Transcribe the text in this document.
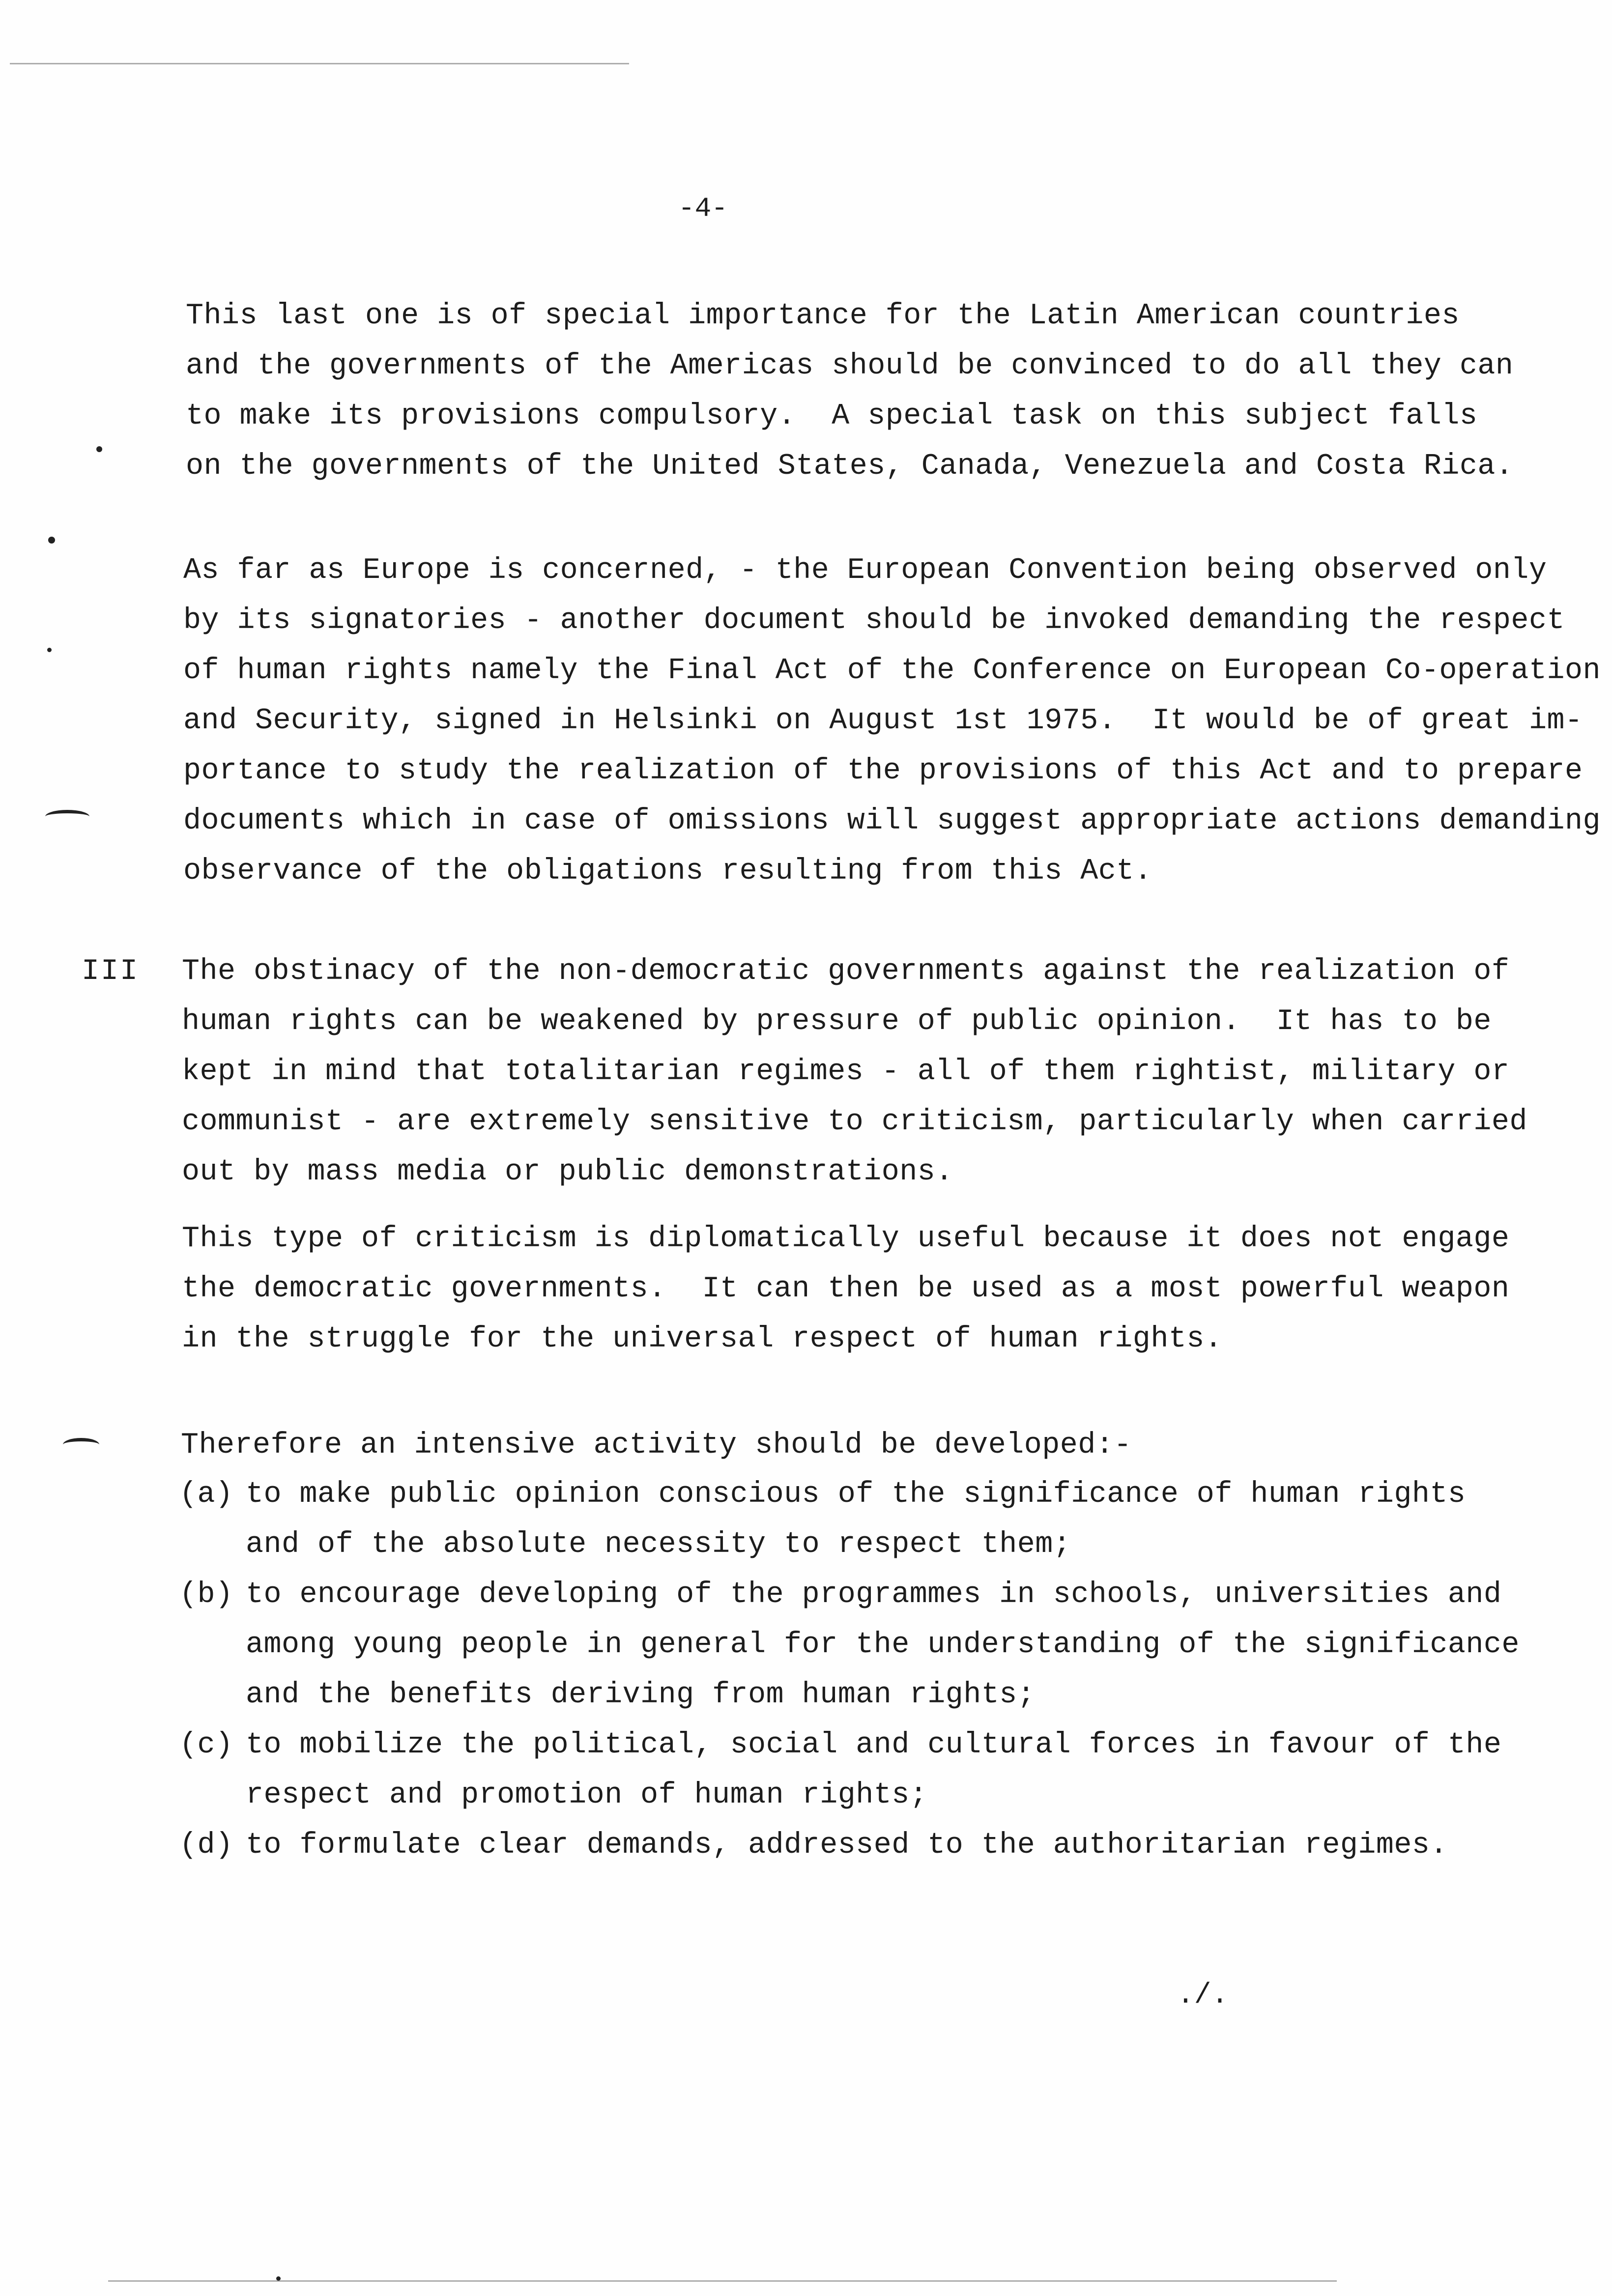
-4-
This last one is of special importance for the Latin American countries
and the governments of the Americas should be convinced to do all they can
to make its provisions compulsory.  A special task on this subject falls
on the governments of the United States, Canada, Venezuela and Costa Rica.
As far as Europe is concerned, - the European Convention being observed only
by its signatories - another document should be invoked demanding the respect
of human rights namely the Final Act of the Conference on European Co-operation
and Security, signed in Helsinki on August 1st 1975.  It would be of great im-
portance to study the realization of the provisions of this Act and to prepare
documents which in case of omissions will suggest appropriate actions demanding
observance of the obligations resulting from this Act.
III The obstinacy of the non-democratic governments against the realization of
human rights can be weakened by pressure of public opinion.  It has to be
kept in mind that totalitarian regimes - all of them rightist, military or
communist - are extremely sensitive to criticism, particularly when carried
out by mass media or public demonstrations.
This type of criticism is diplomatically useful because it does not engage
the democratic governments.  It can then be used as a most powerful weapon
in the struggle for the universal respect of human rights.
Therefore an intensive activity should be developed:-
(a) to make public opinion conscious of the significance of human rights
and of the absolute necessity to respect them;
(b) to encourage developing of the programmes in schools, universities and
among young people in general for the understanding of the significance
and the benefits deriving from human rights;
(c) to mobilize the political, social and cultural forces in favour of the
respect and promotion of human rights;
(d) to formulate clear demands, addressed to the authoritarian regimes.
./.
